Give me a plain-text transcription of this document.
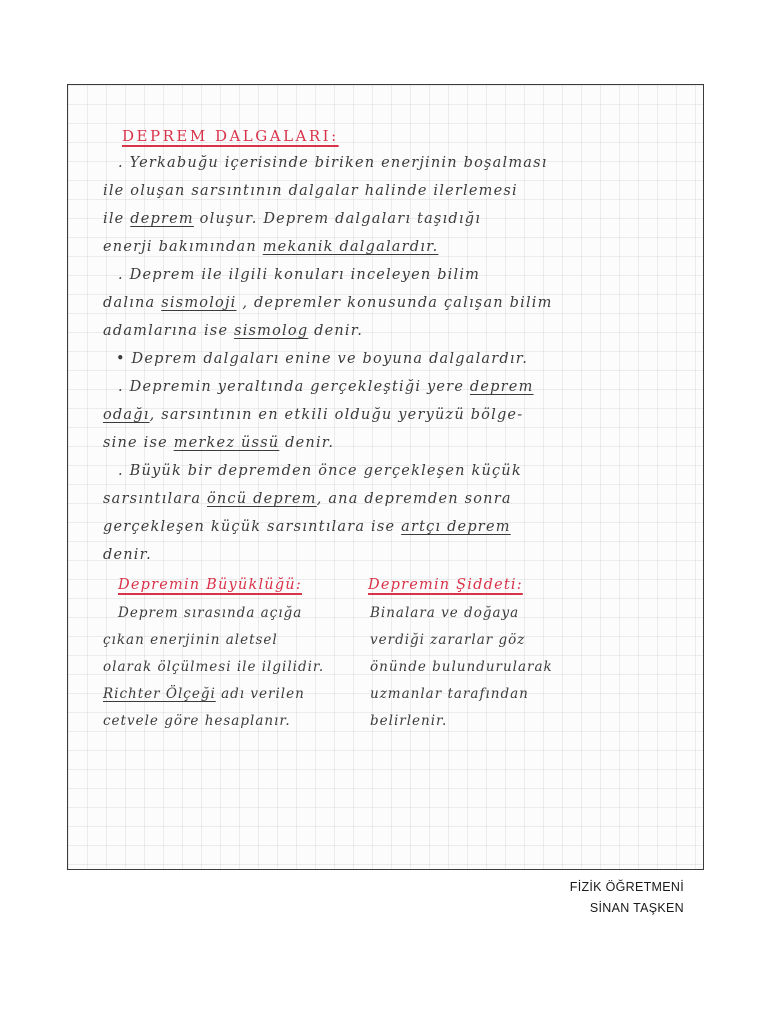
DEPREM DALGALARI:
. Yerkabuğu içerisinde biriken enerjinin boşalması
ile oluşan sarsıntının dalgalar halinde ilerlemesi
ile deprem oluşur. Deprem dalgaları taşıdığı
enerji bakımından mekanik dalgalardır.
. Deprem ile ilgili konuları inceleyen bilim
dalına sismoloji , depremler konusunda çalışan bilim
adamlarına ise sismolog denir.
• Deprem dalgaları enine ve boyuna dalgalardır.
. Depremin yeraltında gerçekleştiği yere deprem
odağı, sarsıntının en etkili olduğu yeryüzü bölge-
sine ise merkez üssü denir.
. Büyük bir depremden önce gerçekleşen küçük
sarsıntılara öncü deprem, ana depremden sonra
gerçekleşen küçük sarsıntılara ise artçı deprem
denir.
Depremin Büyüklüğü:
Deprem sırasında açığa
çıkan enerjinin aletsel
olarak ölçülmesi ile ilgilidir.
Richter Ölçeği adı verilen
cetvele göre hesaplanır.
Depremin Şiddeti:
Binalara ve doğaya
verdiği zararlar göz
önünde bulundurularak
uzmanlar tarafından
belirlenir.
FİZİK ÖĞRETMENİ
SİNAN TAŞKEN
